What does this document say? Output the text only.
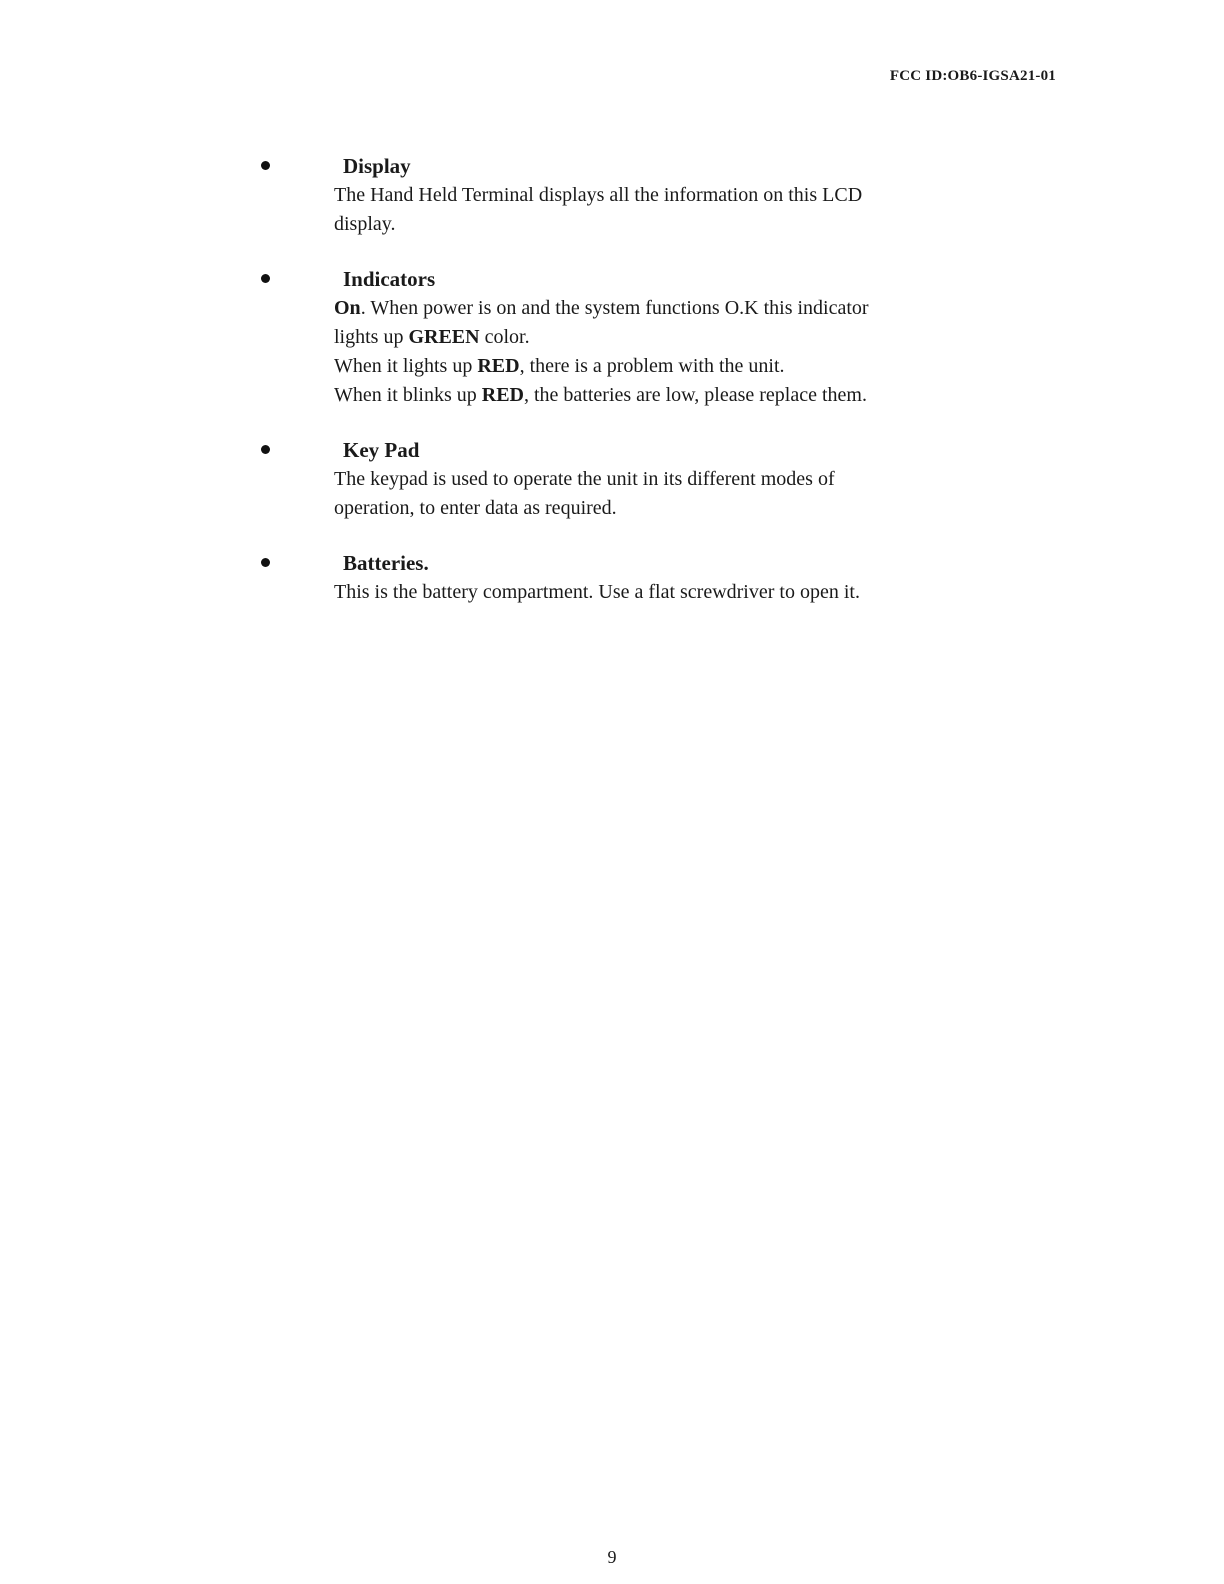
FCC ID:OB6-IGSA21-01
Display

The Hand Held Terminal displays all the information on this LCD

display.

Indicators

On. When power is on and the system functions O.K this indicator

lights up GREEN color.

When it lights up RED, there is a problem with the unit.

When it blinks up RED, the batteries are low, please replace them.

Key Pad

The keypad is used to operate the unit in its different modes of

operation, to enter data as required.

Batteries.

This is the battery compartment. Use a flat screwdriver to open it.

9
